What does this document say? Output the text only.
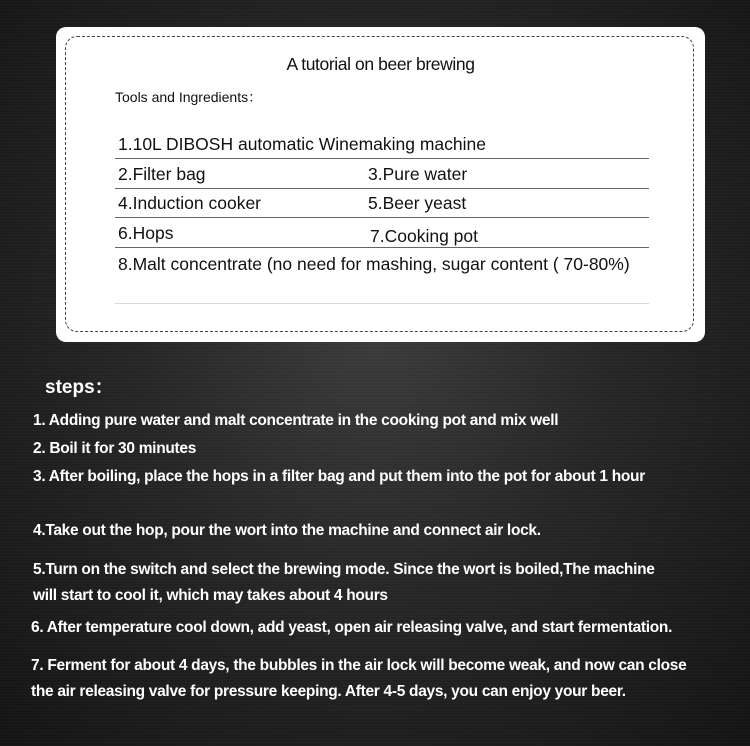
A tutorial on beer brewing
Tools and Ingredients：
1.10L DIBOSH automatic Winemaking machine
2.Filter bag	3.Pure water
4.Induction cooker	5.Beer yeast
6.Hops	7.Cooking pot
8.Malt concentrate (no need for mashing, sugar content ( 70-80%)
steps：
1. Adding pure water and malt concentrate in the cooking pot and mix well
2. Boil it for 30 minutes
3. After boiling, place the hops in a filter bag and put them into the pot for about 1 hour
4.Take out the hop, pour the wort into the machine and connect air lock.
5.Turn on the switch and select the brewing mode. Since the wort is boiled,The machine
will start to cool it, which may takes about 4 hours
6. After temperature cool down, add yeast, open air releasing valve, and start fermentation.
7. Ferment for about 4 days, the bubbles in the air lock will become weak, and now can close
the air releasing valve for pressure keeping. After 4-5 days, you can enjoy your beer.
